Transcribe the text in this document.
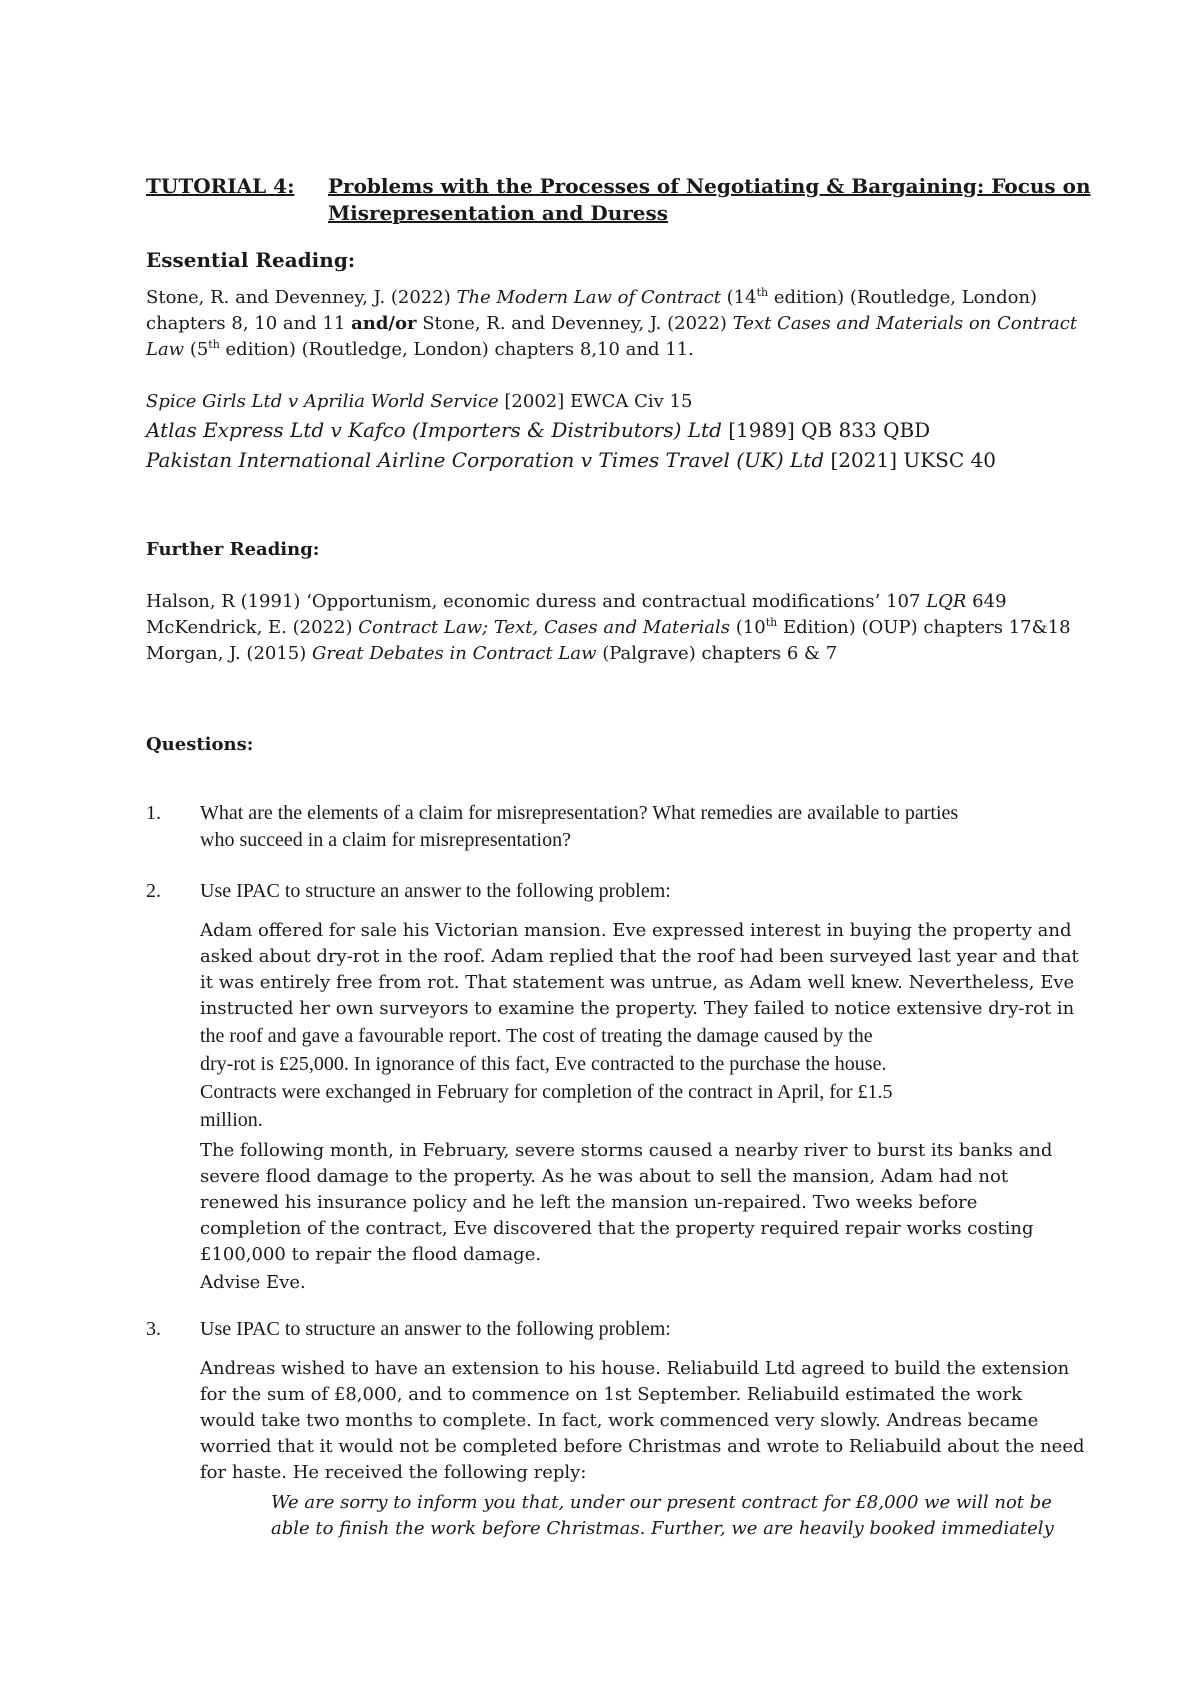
TUTORIAL 4: Problems with the Processes of Negotiating & Bargaining: Focus on
Misrepresentation and Duress
Essential Reading:
Stone, R. and Devenney, J. (2022) The Modern Law of Contract (14th edition) (Routledge, London)
chapters 8, 10 and 11 and/or Stone, R. and Devenney, J. (2022) Text Cases and Materials on Contract
Law (5th edition) (Routledge, London) chapters 8,10 and 11.
Spice Girls Ltd v Aprilia World Service [2002] EWCA Civ 15
Atlas Express Ltd v Kafco (Importers & Distributors) Ltd [1989] QB 833 QBD
Pakistan International Airline Corporation v Times Travel (UK) Ltd [2021] UKSC 40
Further Reading:
Halson, R (1991) ‘Opportunism, economic duress and contractual modifications’ 107 LQR 649
McKendrick, E. (2022) Contract Law; Text, Cases and Materials (10th Edition) (OUP) chapters 17&18
Morgan, J. (2015) Great Debates in Contract Law (Palgrave) chapters 6 & 7
Questions:
1.	What are the elements of a claim for misrepresentation? What remedies are available to parties
who succeed in a claim for misrepresentation?
2.	Use IPAC to structure an answer to the following problem:
Adam offered for sale his Victorian mansion. Eve expressed interest in buying the property and
asked about dry-rot in the roof. Adam replied that the roof had been surveyed last year and that
it was entirely free from rot. That statement was untrue, as Adam well knew. Nevertheless, Eve
instructed her own surveyors to examine the property. They failed to notice extensive dry-rot in
the roof and gave a favourable report. The cost of treating the damage caused by the
dry-rot is £25,000. In ignorance of this fact, Eve contracted to the purchase the house.
Contracts were exchanged in February for completion of the contract in April, for £1.5
million.
The following month, in February, severe storms caused a nearby river to burst its banks and
severe flood damage to the property. As he was about to sell the mansion, Adam had not
renewed his insurance policy and he left the mansion un-repaired. Two weeks before
completion of the contract, Eve discovered that the property required repair works costing
£100,000 to repair the flood damage.
Advise Eve.
3.	Use IPAC to structure an answer to the following problem:
Andreas wished to have an extension to his house. Reliabuild Ltd agreed to build the extension
for the sum of £8,000, and to commence on 1st September. Reliabuild estimated the work
would take two months to complete. In fact, work commenced very slowly. Andreas became
worried that it would not be completed before Christmas and wrote to Reliabuild about the need
for haste. He received the following reply:
We are sorry to inform you that, under our present contract for £8,000 we will not be
able to finish the work before Christmas. Further, we are heavily booked immediately
